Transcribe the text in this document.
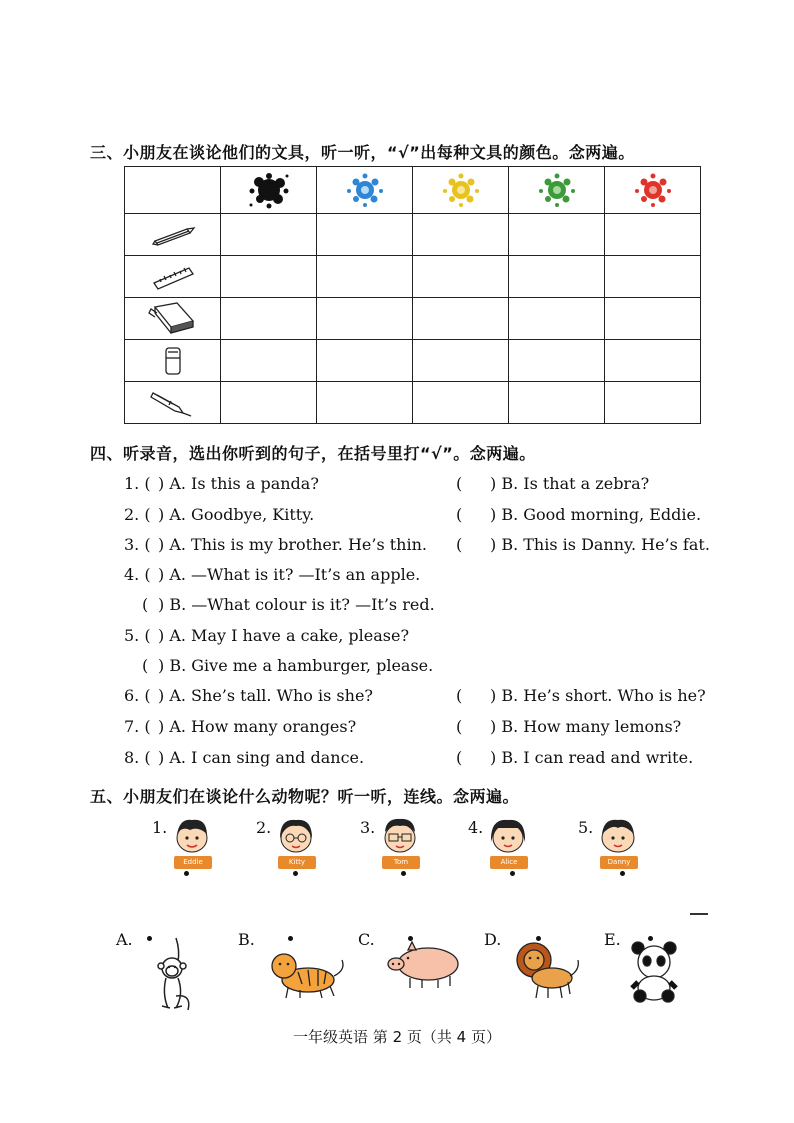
三、小朋友在谈论他们的文具，听一听，“√”出每种文具的颜色。念两遍。

四、听录音，选出你听到的句子，在括号里打“√”。念两遍。
1. ( ) A. Is this a panda?	( ) B. Is that a zebra?
2. ( ) A. Goodbye, Kitty.	( ) B. Good morning, Eddie.
3. ( ) A. This is my brother. He’s thin. ( ) B. This is Danny. He’s fat.
4. ( ) A. —What is it? —It’s an apple.
( ) B. —What colour is it? —It’s red.
5. ( ) A. May I have a cake, please?
( ) B. Give me a hamburger, please.
6. ( ) A. She’s tall. Who is she?	( ) B. He’s short. Who is he?
7. ( ) A. How many oranges?	( ) B. How many lemons?
8. ( ) A. I can sing and dance.	( ) B. I can read and write.
五、小朋友们在谈论什么动物呢？听一听，连线。念两遍。
1.
Eddie
2.
Kitty
3.
Tom
4.
Alice
5.
Danny
A.	B.	C.	D.	E.
一年级英语 第 2 页（共 4 页）
